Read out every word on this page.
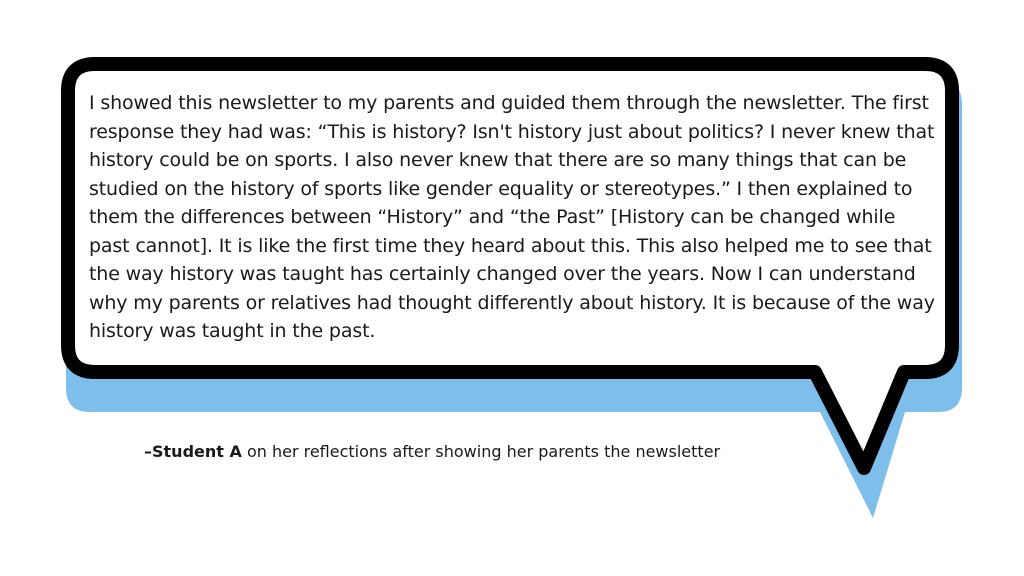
I showed this newsletter to my parents and guided them through the newsletter. The first response they had was: “This is history? Isn't history just about politics? I never knew that history could be on sports. I also never knew that there are so many things that can be studied on the history of sports like gender equality or stereotypes.” I then explained to them the differences between “History” and “the Past” [History can be changed while past cannot]. It is like the first time they heard about this. This also helped me to see that the way history was taught has certainly changed over the years. Now I can understand why my parents or relatives had thought differently about history. It is because of the way history was taught in the past.

–Student A on her reflections after showing her parents the newsletter
